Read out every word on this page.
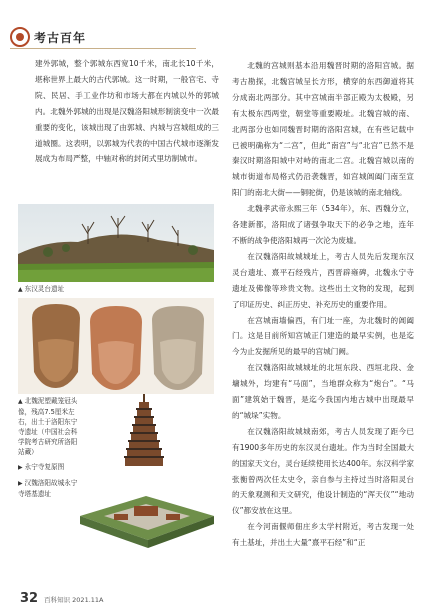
考古百年

建外郭城，整个郭城东西宽10千米，南北长10千米，堪称世界上最大的古代郭城。这一时期，一般官宅、寺院、民居、手工业作坊和市场大都在内城以外的郭城内。北魏外郭城的出现是汉魏洛阳城形制演变中一次最重要的变化，该城出现了由郭城、内城与宫城组成的三道城圈。这表明，以郭城为代表的中国古代城市逐渐发展成为布局严整，中轴对称的封闭式里坊制城市。

▲ 东汉灵台遗址
▲ 北魏泥塑戴笼冠头像，残高7.5厘米左右，出土于洛阳东宁寺遗址（中国社会科学院考古研究所洛阳站藏）
▶ 永宁寺复原图
▶ 汉魏洛阳故城永宁寺塔基遗址

北魏的宫城则基本沿用魏晋时期的洛阳宫城。据考古勘探，北魏宫城呈长方形，横穿的东西御道将其分成南北两部分。其中宫城南半部正殿为太极殿，另有太极东西两堂，朝堂等重要殿址。北魏宫城的南、北两部分也如同魏晋时期的洛阳宫城，在有些记载中已被明确称为“二宫”，但此“南宫”与“北宫”已然不是秦汉时期洛阳城中对峙的南北二宫。北魏宫城以南的城市街道布局格式仍沿袭魏晋，如宫城阊阖门南至宣阳门的南北大街——铜驼街，仍是该城的南北轴线。

北魏孝武帝永熙三年（534年），东、西魏分立，各建新都，洛阳成了诸强争取天下的必争之地，连年不断的战争使洛阳城再一次沦为废墟。

在汉魏洛阳故城城址上，考古人员先后发现东汉灵台遗址、熹平石经残片，西晋辟雍碑，北魏永宁寺遗址及佛像等珍贵文物。这些出土文物的发现，起到了印证历史、纠正历史、补充历史的重要作用。

在宫城南墙偏西，有门址一座，为北魏时的阊阖门。这是目前所知宫城正门建造的最早实例，也是迄今为止发掘所见的最早的宫城门阙。

在汉魏洛阳故城城址的北垣东段、西垣北段、金墉城外，均建有“马面”，当地群众称为“炮台”。“马面”建筑始于魏晋，是迄今我国内地古城中出现最早的“城垛”实物。

在汉魏洛阳故城城南郊，考古人员发现了距今已有1900多年历史的东汉灵台遗址。作为当时全国最大的国家天文台，灵台延续使用长达400年。东汉科学家张衡曾两次任太史令，亲自参与主持过当时洛阳灵台的天象观测和天文研究，他设计制造的“浑天仪”“地动仪”都安放在这里。

在今河南偃师佃庄乡太学村附近，考古发现一处有土基址，并出土大量“熹平石经”和“正

32 百科知识 2021.11A
